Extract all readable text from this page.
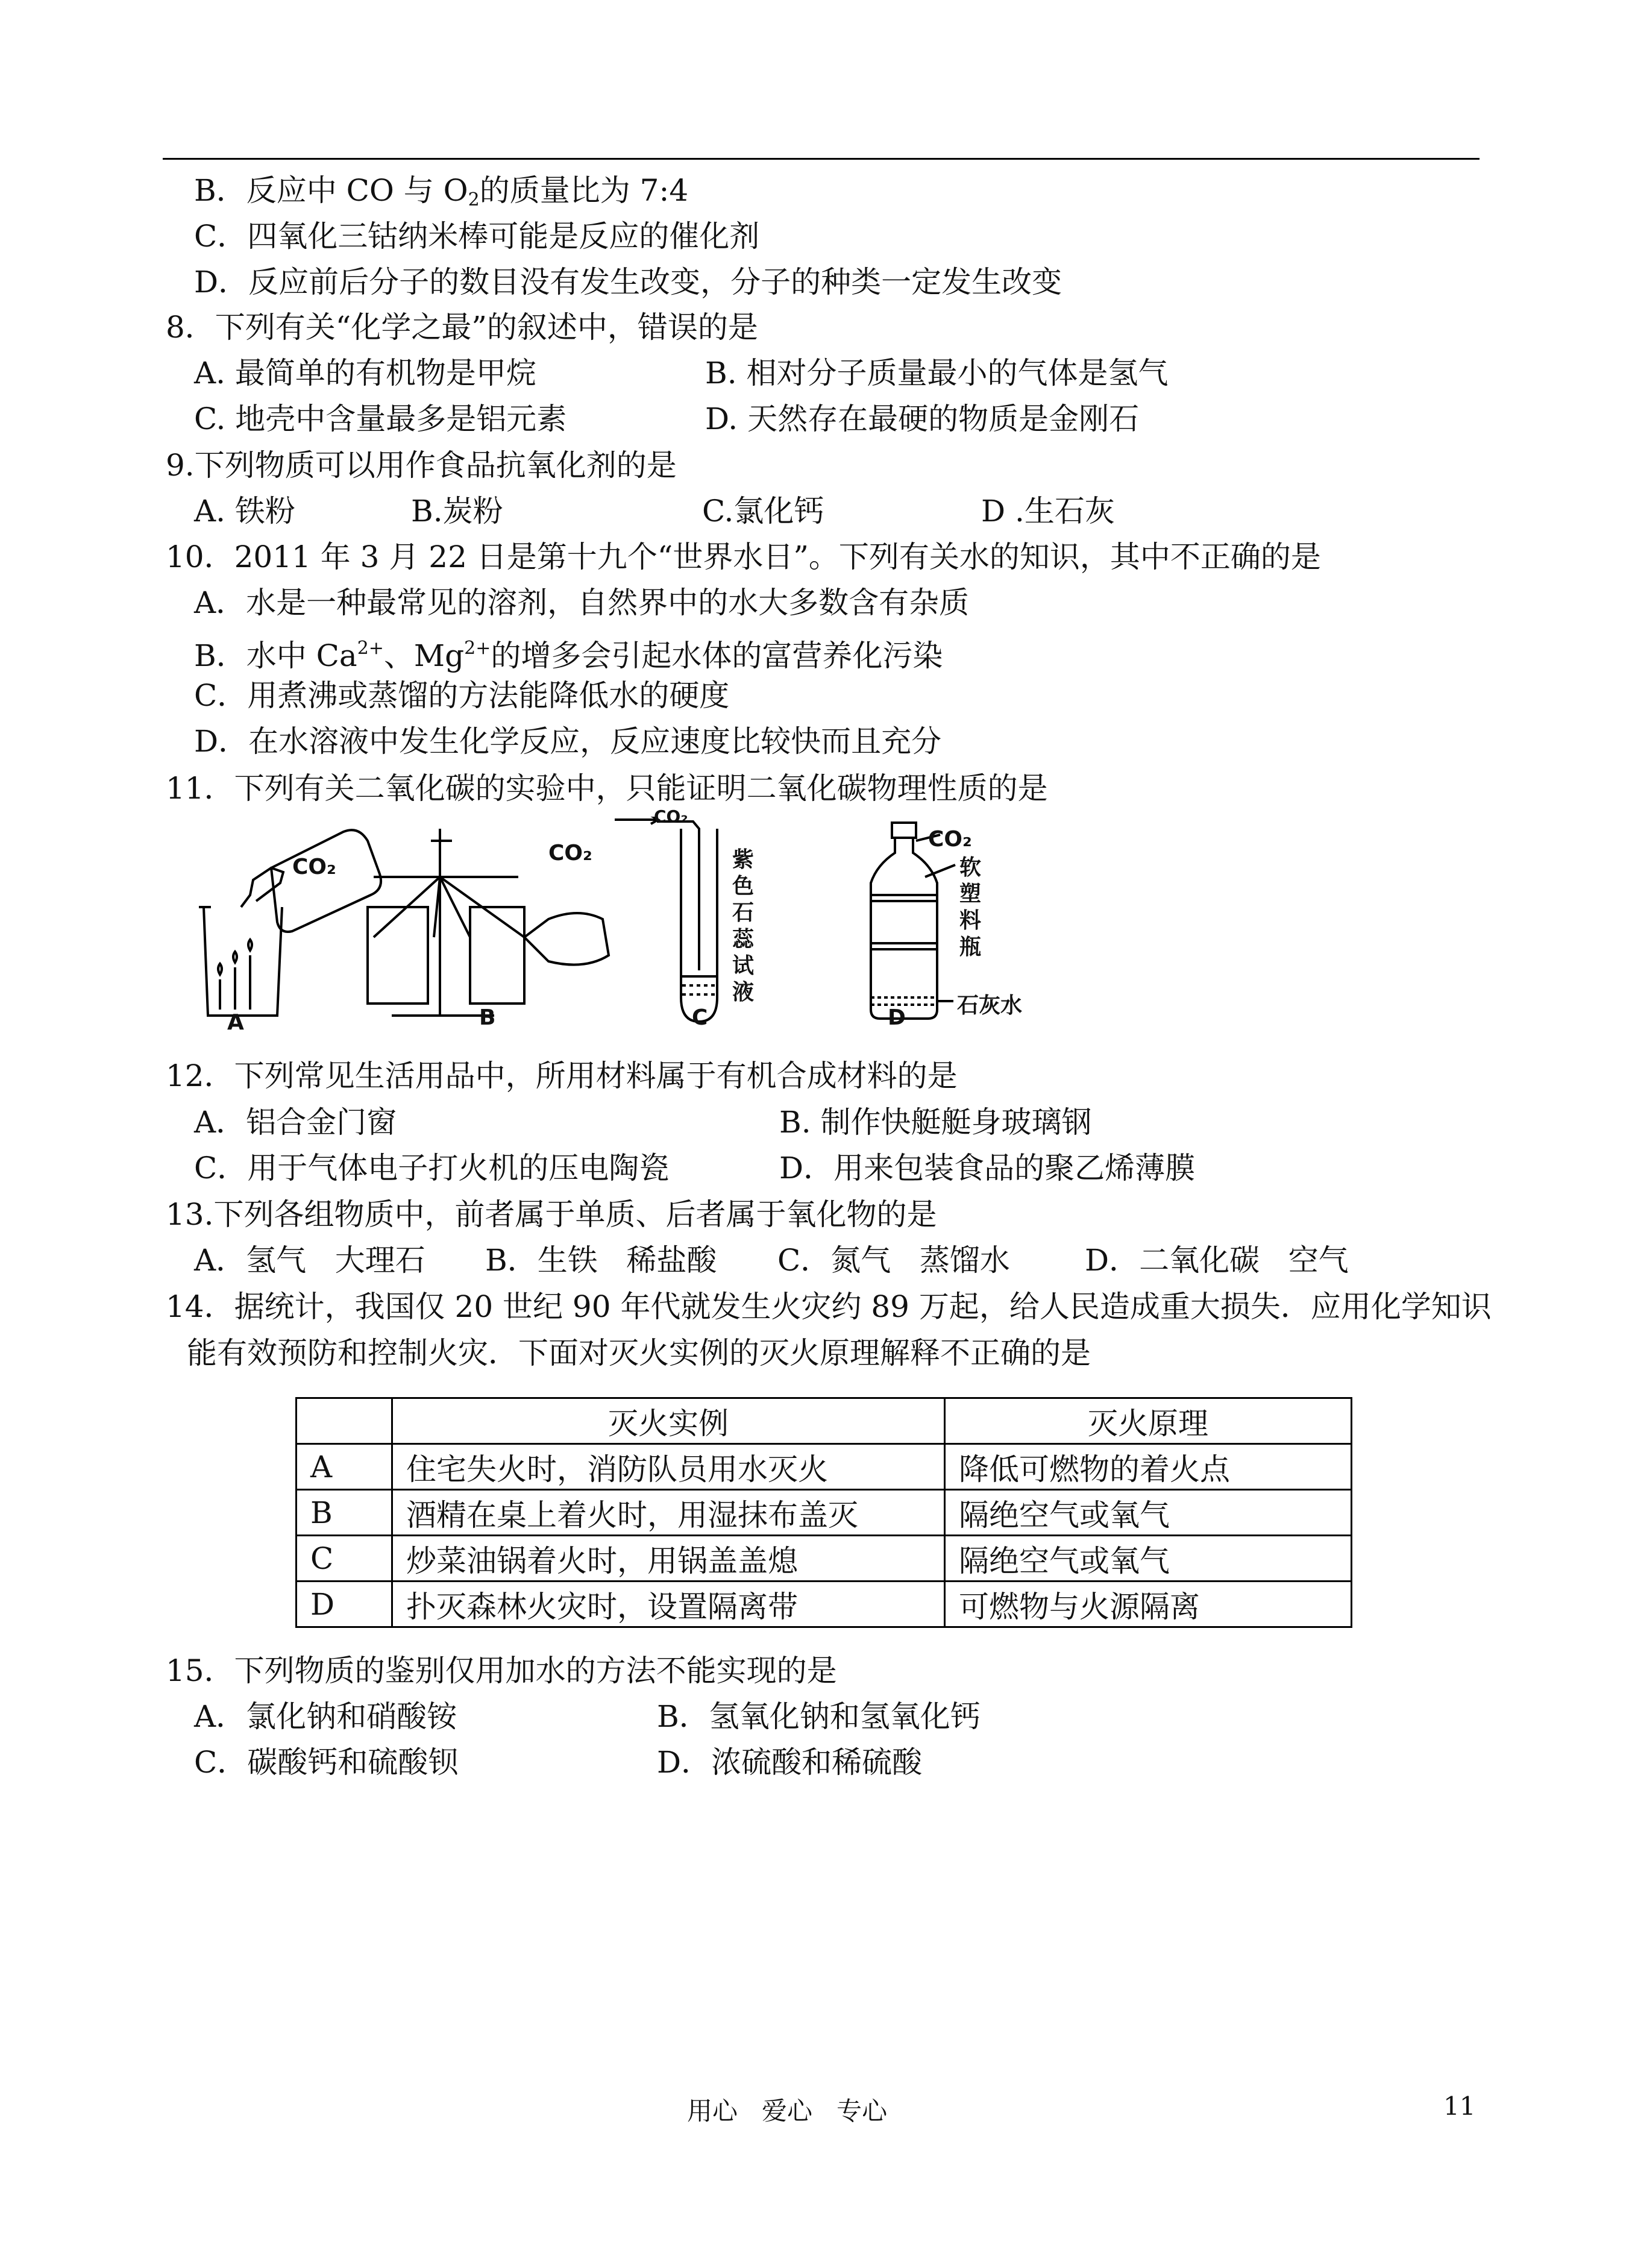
B．反应中 CO 与 $O_2$的质量比为 7:4
C．四氧化三钴纳米棒可能是反应的催化剂
D．反应前后分子的数目没有发生改变，分子的种类一定发生改变
8．下列有关“化学之最”的叙述中，错误的是
A. 最简单的有机物是甲烷	B. 相对分子质量最小的气体是氢气
C. 地壳中含量最多是铝元素	D. 天然存在最硬的物质是金刚石
9.下列物质可以用作食品抗氧化剂的是
A. 铁粉	B.炭粉	C.氯化钙	D .生石灰
10．2011 年 3 月 22 日是第十九个“世界水日”。下列有关水的知识，其中不正确的是
A．水是一种最常见的溶剂，自然界中的水大多数含有杂质
B．水中 $Ca^{2+}$、$Mg^{2+}$的增多会引起水体的富营养化污染
C．用煮沸或蒸馏的方法能降低水的硬度
D．在水溶液中发生化学反应，反应速度比较快而且充分
11．下列有关二氧化碳的实验中，只能证明二氧化碳物理性质的是
CO₂
CO₂
CO₂
CO₂
紫色石蕊试液
软塑料瓶
石灰水
A	B	C	D
12．下列常见生活用品中，所用材料属于有机合成材料的是
A．铝合金门窗	B. 制作快艇艇身玻璃钢
C．用于气体电子打火机的压电陶瓷	D．用来包装食品的聚乙烯薄膜
13.下列各组物质中，前者属于单质、后者属于氧化物的是
A．氢气   大理石 B．生铁   稀盐酸 C．氮气   蒸馏水 D．二氧化碳   空气
14．据统计，我国仅 20 世纪 90 年代就发生火灾约 89 万起，给人民造成重大损失．应用化学知识
能有效预防和控制火灾．下面对灭火实例的灭火原理解释不正确的是
	灭火实例	灭火原理
A	住宅失火时，消防队员用水灭火	降低可燃物的着火点
B	酒精在桌上着火时，用湿抹布盖灭	隔绝空气或氧气
C	炒菜油锅着火时，用锅盖盖熄	隔绝空气或氧气
D	扑灭森林火灾时，设置隔离带	可燃物与火源隔离
15．下列物质的鉴别仅用加水的方法不能实现的是
A．氯化钠和硝酸铵	B．氢氧化钠和氢氧化钙
C．碳酸钙和硫酸钡	D．浓硫酸和稀硫酸
用心   爱心   专心	11
